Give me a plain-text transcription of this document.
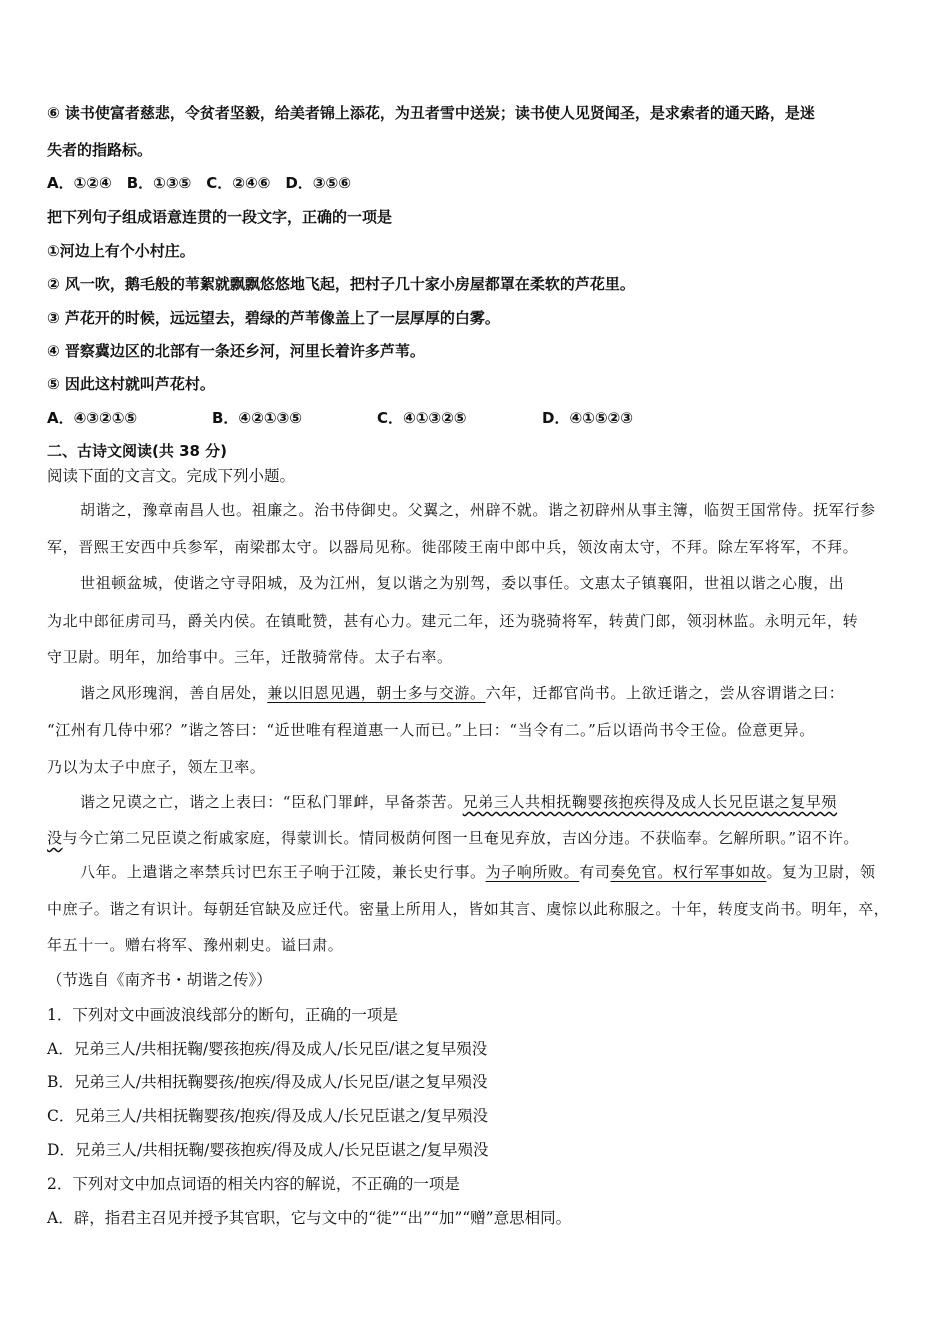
⑥ 读书使富者慈悲，令贫者坚毅，给美者锦上添花，为丑者雪中送炭；读书使人见贤闻圣，是求索者的通天路，是迷
失者的指路标。
A．①②④　B．①③⑤　C．②④⑥　D．③⑤⑥
把下列句子组成语意连贯的一段文字，正确的一项是
①河边上有个小村庄。
② 风一吹，鹅毛般的苇絮就飘飘悠悠地飞起，把村子几十家小房屋都罩在柔软的芦花里。
③ 芦花开的时候，远远望去，碧绿的芦苇像盖上了一层厚厚的白雾。
④ 晋察冀边区的北部有一条还乡河，河里长着许多芦苇。
⑤ 因此这村就叫芦花村。
A．④③②①⑤	B．④②①③⑤	C．④①③②⑤	D．④①⑤②③
二、古诗文阅读(共 38 分)
阅读下面的文言文。完成下列小题。
胡谐之，豫章南昌人也。祖廉之。治书侍御史。父翼之，州辟不就。谐之初辟州从事主簿，临贺王国常侍。抚军行参
军，晋熙王安西中兵参军，南梁郡太守。以器局见称。徙邵陵王南中郎中兵，领汝南太守，不拜。除左军将军，不拜。
世祖顿盆城，使谐之守寻阳城，及为江州，复以谐之为别驾，委以事任。文惠太子镇襄阳，世祖以谐之心腹，出
为北中郎征虏司马，爵关内侯。在镇毗赞，甚有心力。建元二年，还为骁骑将军，转黄门郎，领羽林监。永明元年，转
守卫尉。明年，加给事中。三年，迁散骑常侍。太子右率。
谐之风形瑰润，善自居处，兼以旧恩见遇，朝士多与交游。六年，迁都官尚书。上欲迁谐之，尝从容谓谐之曰：
“江州有几侍中邪？”谐之答曰：“近世唯有程道惠一人而已。”上曰：“当令有二。”后以语尚书令王俭。俭意更异。
乃以为太子中庶子，领左卫率。
谐之兄谟之亡，谐之上表曰：“臣私门罪衅，早备荼苦。兄弟三人共相抚鞠婴孩抱疾得及成人长兄臣谌之复早殒
没与今亡第二兄臣谟之衔戚家庭，得蒙训长。情同极荫何图一旦奄见弃放，吉凶分违。不获临奉。乞解所职。”诏不许。
八年。上遣谐之率禁兵讨巴东王子响于江陵，兼长史行事。为子响所败。有司奏免官。权行军事如故。复为卫尉，领
中庶子。谐之有识计。每朝廷官缺及应迁代。密量上所用人，皆如其言、虞悰以此称服之。十年，转度支尚书。明年，卒，
年五十一。赠右将军、豫州刺史。谥曰肃。
（节选自《南齐书・胡谐之传》）
1．下列对文中画波浪线部分的断句，正确的一项是
A．兄弟三人/共相抚鞠/婴孩抱疾/得及成人/长兄臣/谌之复早殒没
B．兄弟三人/共相抚鞠婴孩/抱疾/得及成人/长兄臣/谌之复早殒没
C．兄弟三人/共相抚鞠婴孩/抱疾/得及成人/长兄臣谌之/复早殒没
D．兄弟三人/共相抚鞠/婴孩抱疾/得及成人/长兄臣谌之/复早殒没
2．下列对文中加点词语的相关内容的解说，不正确的一项是
A．辟，指君主召见并授予其官职，它与文中的“徙”“出”“加”“赠”意思相同。
